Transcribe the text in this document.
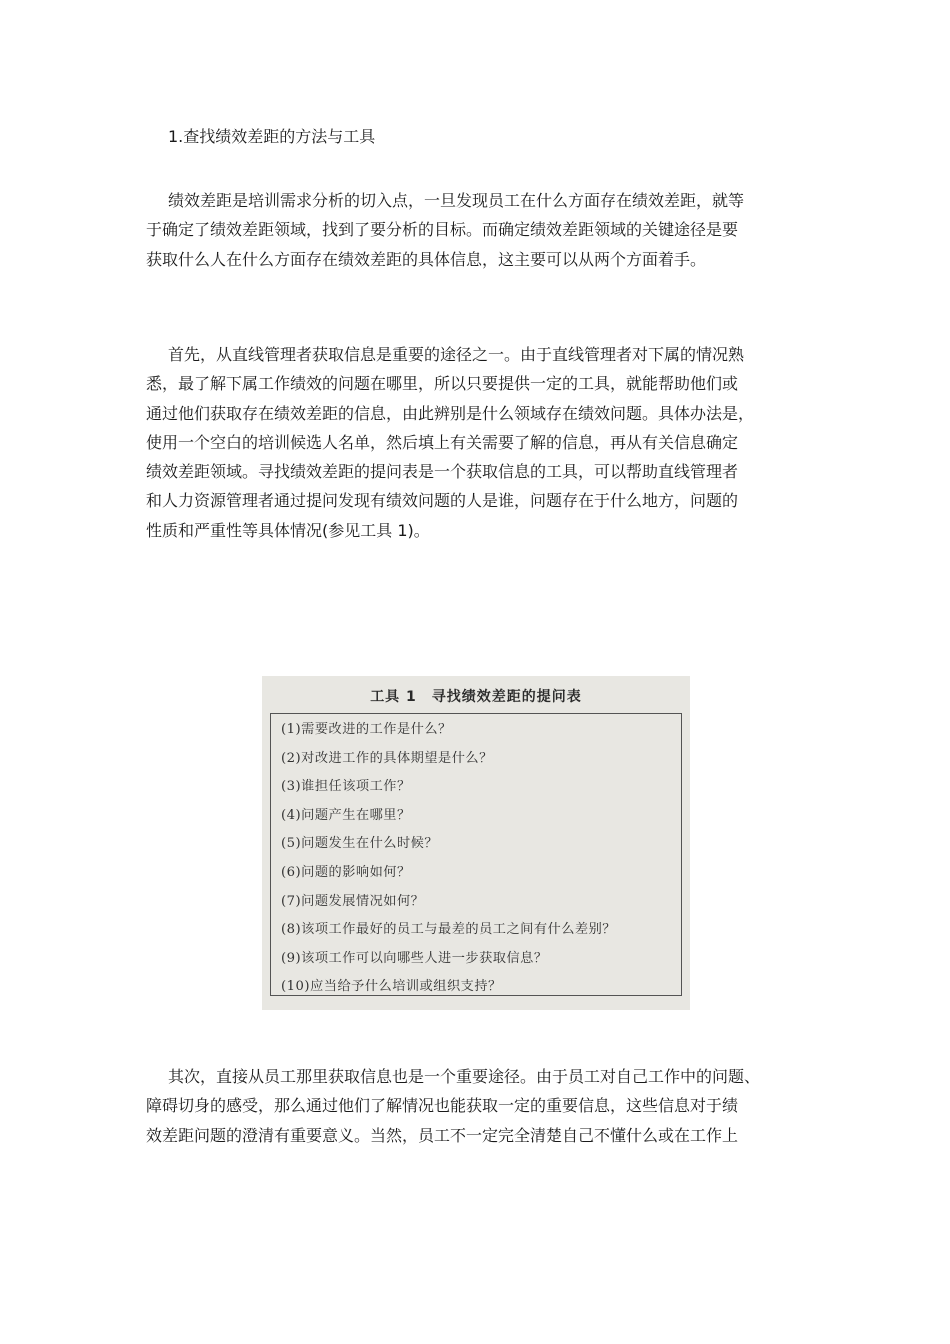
1.查找绩效差距的方法与工具
绩效差距是培训需求分析的切入点，一旦发现员工在什么方面存在绩效差距，就等
于确定了绩效差距领域，找到了要分析的目标。而确定绩效差距领域的关键途径是要
获取什么人在什么方面存在绩效差距的具体信息，这主要可以从两个方面着手。
首先，从直线管理者获取信息是重要的途径之一。由于直线管理者对下属的情况熟
悉，最了解下属工作绩效的问题在哪里，所以只要提供一定的工具，就能帮助他们或
通过他们获取存在绩效差距的信息，由此辨别是什么领域存在绩效问题。具体办法是，
使用一个空白的培训候选人名单，然后填上有关需要了解的信息，再从有关信息确定
绩效差距领域。寻找绩效差距的提问表是一个获取信息的工具，可以帮助直线管理者
和人力资源管理者通过提问发现有绩效问题的人是谁，问题存在于什么地方，问题的
性质和严重性等具体情况(参见工具 1)。
工具 1　寻找绩效差距的提问表
(1)需要改进的工作是什么？
(2)对改进工作的具体期望是什么？
(3)谁担任该项工作？
(4)问题产生在哪里？
(5)问题发生在什么时候？
(6)问题的影响如何？
(7)问题发展情况如何？
(8)该项工作最好的员工与最差的员工之间有什么差别？
(9)该项工作可以向哪些人进一步获取信息？
(10)应当给予什么培训或组织支持？
其次，直接从员工那里获取信息也是一个重要途径。由于员工对自己工作中的问题、
障碍切身的感受，那么通过他们了解情况也能获取一定的重要信息，这些信息对于绩
效差距问题的澄清有重要意义。当然，员工不一定完全清楚自己不懂什么或在工作上
